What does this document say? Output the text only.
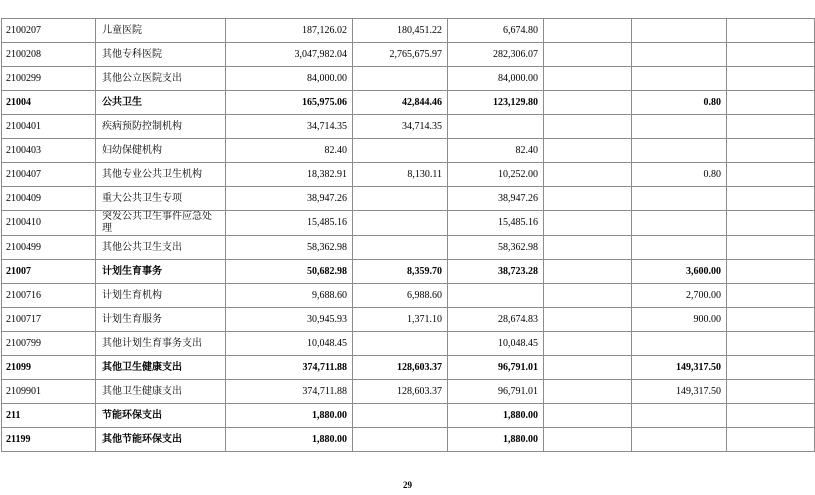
2100207	儿童医院	187,126.02	180,451.22	6,674.80			
2100208	其他专科医院	3,047,982.04	2,765,675.97	282,306.07			
2100299	其他公立医院支出	84,000.00		84,000.00			
21004	公共卫生	165,975.06	42,844.46	123,129.80		0.80	
2100401	疾病预防控制机构	34,714.35	34,714.35				
2100403	妇幼保健机构	82.40		82.40			
2100407	其他专业公共卫生机构	18,382.91	8,130.11	10,252.00		0.80	
2100409	重大公共卫生专项	38,947.26		38,947.26			
2100410	突发公共卫生事件应急处理	15,485.16		15,485.16			
2100499	其他公共卫生支出	58,362.98		58,362.98			
21007	计划生育事务	50,682.98	8,359.70	38,723.28		3,600.00	
2100716	计划生育机构	9,688.60	6,988.60			2,700.00	
2100717	计划生育服务	30,945.93	1,371.10	28,674.83		900.00	
2100799	其他计划生育事务支出	10,048.45		10,048.45			
21099	其他卫生健康支出	374,711.88	128,603.37	96,791.01		149,317.50	
2109901	其他卫生健康支出	374,711.88	128,603.37	96,791.01		149,317.50	
211	节能环保支出	1,880.00		1,880.00			
21199	其他节能环保支出	1,880.00		1,880.00			
29
